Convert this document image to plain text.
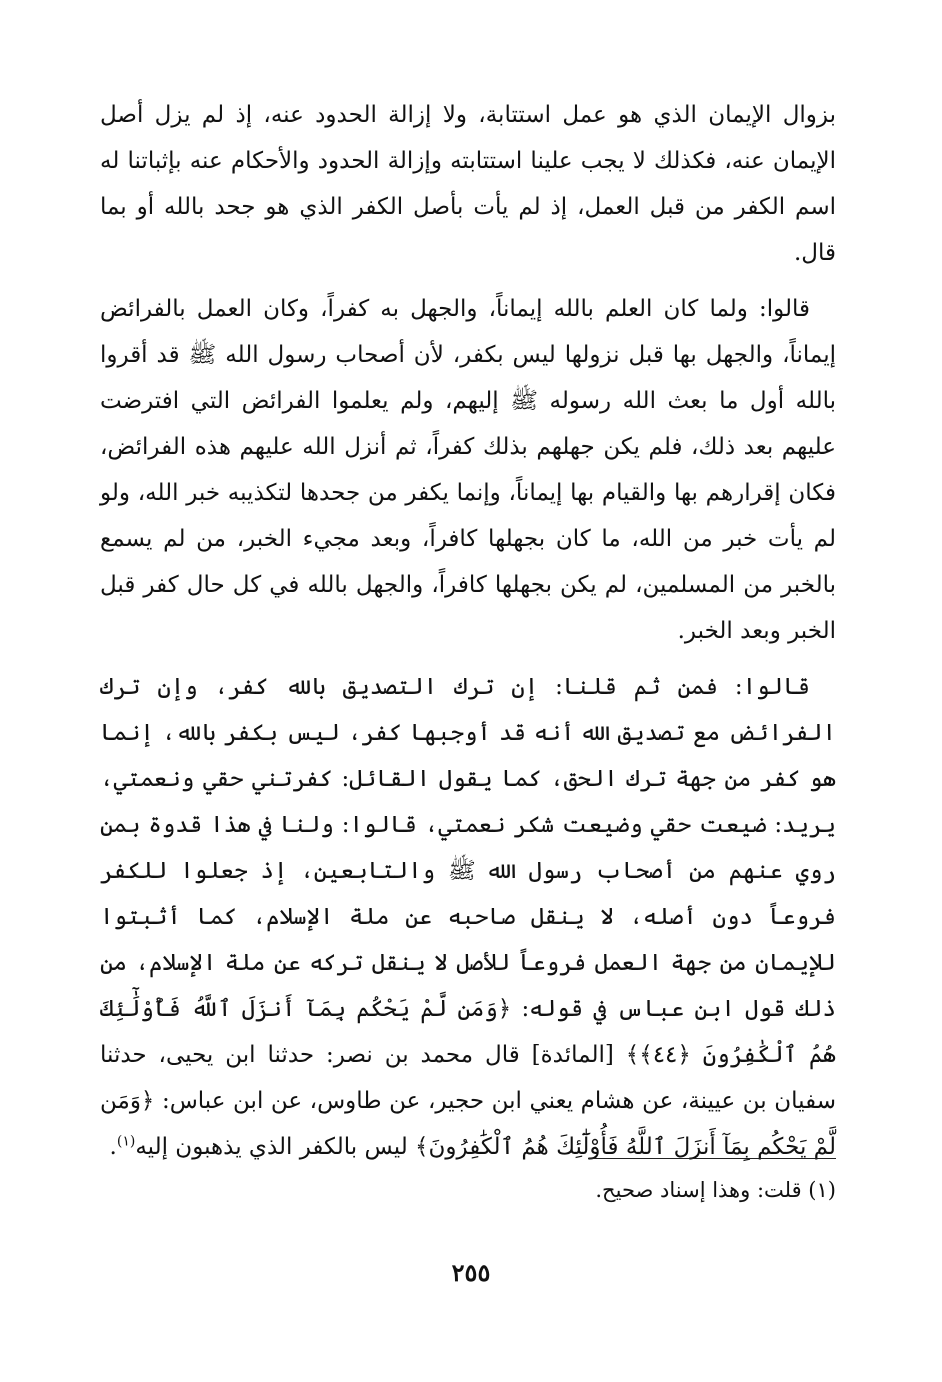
بزوال الإيمان الذي هو عمل استتابة، ولا إزالة الحدود عنه، إذ لم يزل أصل الإيمان عنه، فكذلك لا يجب علينا استتابته وإزالة الحدود والأحكام عنه بإثباتنا له اسم الكفر من قبل العمل، إذ لم يأت بأصل الكفر الذي هو جحد بالله أو بما قال.

قالوا: ولما كان العلم بالله إيماناً، والجهل به كفراً، وكان العمل بالفرائض إيماناً، والجهل بها قبل نزولها ليس بكفر، لأن أصحاب رسول الله ﷺ قد أقروا بالله أول ما بعث الله رسوله ﷺ إليهم، ولم يعلموا الفرائض التي افترضت عليهم بعد ذلك، فلم يكن جهلهم بذلك كفراً، ثم أنزل الله عليهم هذه الفرائض، فكان إقرارهم بها والقيام بها إيماناً، وإنما يكفر من جحدها لتكذيبه خبر الله، ولو لم يأت خبر من الله، ما كان بجهلها كافراً، وبعد مجيء الخبر، من لم يسمع بالخبر من المسلمين، لم يكن بجهلها كافراً، والجهل بالله في كل حال كفر قبل الخبر وبعد الخبر.

قالوا: فمن ثم قلنا: إن ترك التصديق بالله كفر، وإن ترك الفرائض مع تصديق الله أنه قد أوجبها كفر، ليس بكفر بالله، إنما هو كفر من جهة ترك الحق، كما يقول القائل: كفرتني حقي ونعمتي، يريد: ضيعت حقي وضيعت شكر نعمتي، قالوا: ولنا في هذا قدوة بمن روي عنهم من أصحاب رسول الله ﷺ والتابعين، إذ جعلوا للكفر فروعاً دون أصله، لا ينقل صاحبه عن ملة الإسلام، كما أثبتوا للإيمان من جهة العمل فروعاً للأصل لا ينقل تركه عن ملة الإسلام، من ذلك قول ابن عباس في قوله: ﴿وَمَن لَّمْ يَحْكُم بِمَآ أَنزَلَ ٱللَّهُ فَأُوْلَٰٓئِكَ هُمُ ٱلْكَٰفِرُونَ ﴿٤٤﴾﴾ [المائدة] قال محمد بن نصر: حدثنا ابن يحيى، حدثنا سفيان بن عيينة، عن هشام يعني ابن حجير، عن طاوس، عن ابن عباس: ﴿وَمَن لَّمْ يَحْكُم بِمَآ أَنزَلَ ٱللَّهُ فَأُوْلَٰٓئِكَ هُمُ ٱلْكَٰفِرُونَ﴾ ليس بالكفر الذي يذهبون إليه$^{(١)}$.

(١) قلت: وهذا إسناد صحيح.
٢٥٥
